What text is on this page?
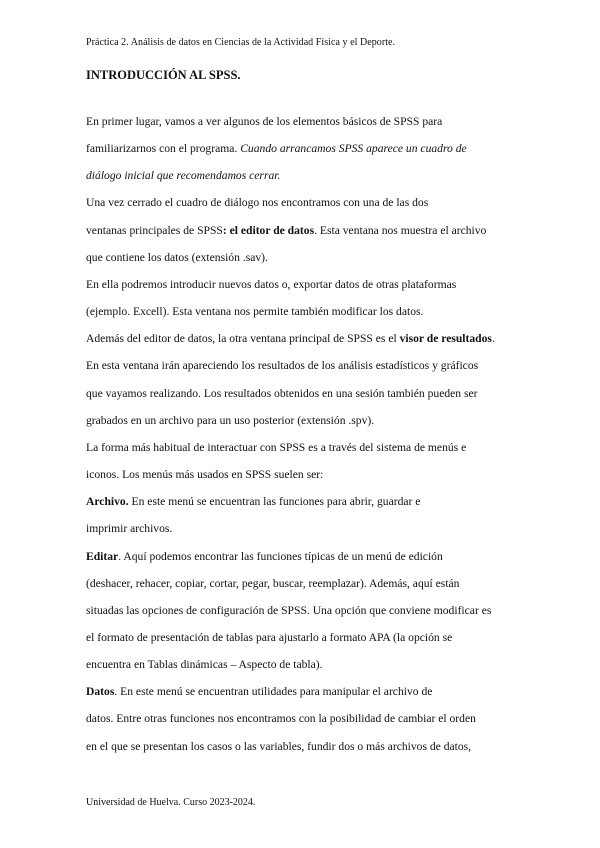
Práctica 2. Análisis de datos en Ciencias de la Actividad Física y el Deporte.
INTRODUCCIÓN AL SPSS.
En primer lugar, vamos a ver algunos de los elementos básicos de SPSS para
familiarizarnos con el programa. Cuando arrancamos SPSS aparece un cuadro de
diálogo inicial que recomendamos cerrar.
Una vez cerrado el cuadro de diálogo nos encontramos con una de las dos
ventanas principales de SPSS: el editor de datos. Esta ventana nos muestra el archivo
que contiene los datos (extensión .sav).
En ella podremos introducir nuevos datos o, exportar datos de otras plataformas
(ejemplo. Excell). Esta ventana nos permite también modificar los datos.
Además del editor de datos, la otra ventana principal de SPSS es el visor de resultados.
En esta ventana irán apareciendo los resultados de los análisis estadísticos y gráficos
que vayamos realizando. Los resultados obtenidos en una sesión también pueden ser
grabados en un archivo para un uso posterior (extensión .spv).
La forma más habitual de interactuar con SPSS es a través del sistema de menús e
iconos. Los menús más usados en SPSS suelen ser:
Archivo. En este menú se encuentran las funciones para abrir, guardar e
imprimir archivos.
Editar. Aquí podemos encontrar las funciones típicas de un menú de edición
(deshacer, rehacer, copiar, cortar, pegar, buscar, reemplazar). Además, aquí están
situadas las opciones de configuración de SPSS. Una opción que conviene modificar es
el formato de presentación de tablas para ajustarlo a formato APA (la opción se
encuentra en Tablas dinámicas – Aspecto de tabla).
Datos. En este menú se encuentran utilidades para manipular el archivo de
datos. Entre otras funciones nos encontramos con la posibilidad de cambiar el orden
en el que se presentan los casos o las variables, fundir dos o más archivos de datos,
Universidad de Huelva. Curso 2023-2024.
